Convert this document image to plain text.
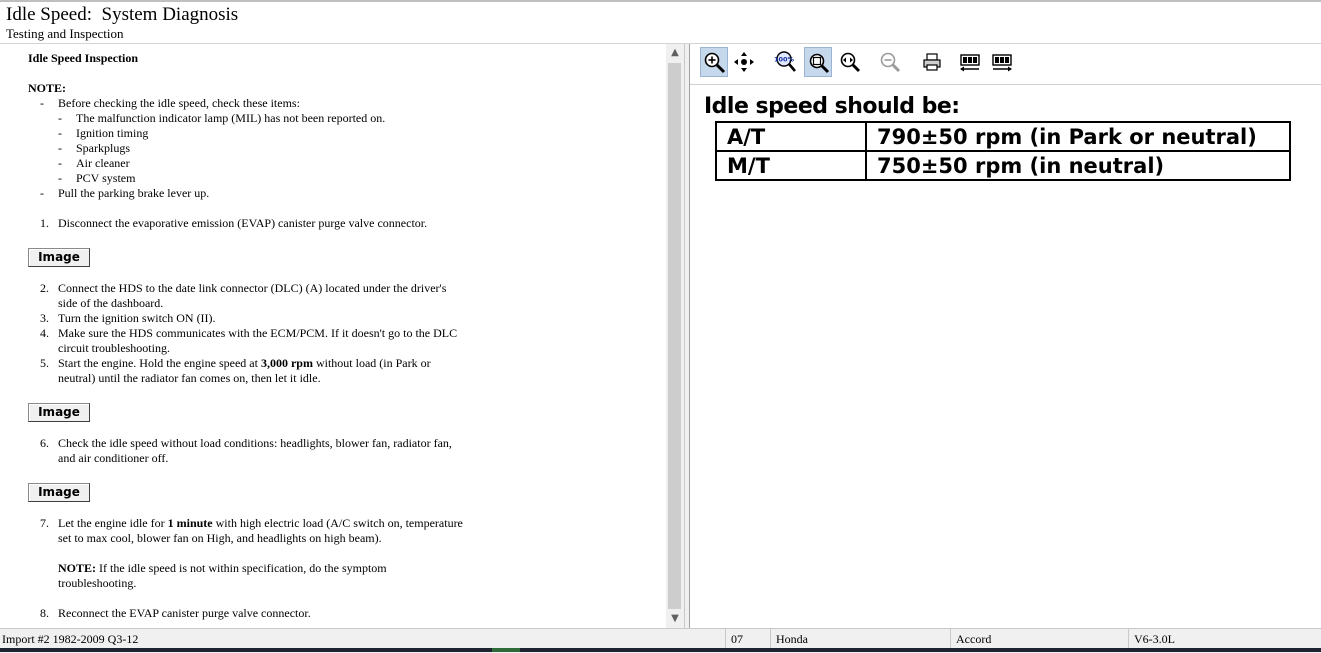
Idle Speed:  System Diagnosis
Testing and Inspection
Idle Speed Inspection
NOTE:
- Before checking the idle speed, check these items:
- The malfunction indicator lamp (MIL) has not been reported on.
- Ignition timing
- Sparkplugs
- Air cleaner
- PCV system
- Pull the parking brake lever up.
1. Disconnect the evaporative emission (EVAP) canister purge valve connector.
Image
2. Connect the HDS to the date link connector (DLC) (A) located under the driver's
side of the dashboard.
3. Turn the ignition switch ON (II).
4. Make sure the HDS communicates with the ECM/PCM. If it doesn't go to the DLC
circuit troubleshooting.
5. Start the engine. Hold the engine speed at 3,000 rpm without load (in Park or
neutral) until the radiator fan comes on, then let it idle.
Image
6. Check the idle speed without load conditions: headlights, blower fan, radiator fan,
and air conditioner off.
Image
7. Let the engine idle for 1 minute with high electric load (A/C switch on, temperature
set to max cool, blower fan on High, and headlights on high beam).
NOTE: If the idle speed is not within specification, do the symptom
troubleshooting.
8. Reconnect the EVAP canister purge valve connector.
▲
▼
100%
Idle speed should be:
A/T	790±50 rpm (in Park or neutral)
M/T	750±50 rpm (in neutral)
Import #2 1982-2009 Q3-12	07	Honda	Accord	V6-3.0L
